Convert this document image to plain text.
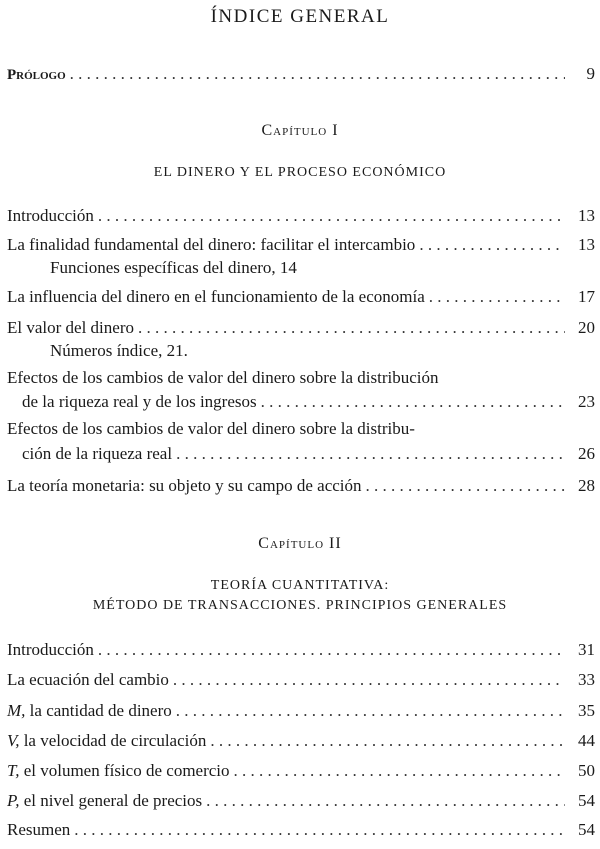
ÍNDICE GENERAL
Prólogo . . .	9
Capítulo I
EL DINERO Y EL PROCESO ECONÓMICO
Introducción . . .	13
La finalidad fundamental del dinero: facilitar el intercambio . . .	13
Funciones específicas del dinero, 14
La influencia del dinero en el funcionamiento de la economía . . .	17
El valor del dinero . . .	20
Números índice, 21.
Efectos de los cambios de valor del dinero sobre la distribución
de la riqueza real y de los ingresos . . .	23
Efectos de los cambios de valor del dinero sobre la distribu-
ción de la riqueza real . . .	26
La teoría monetaria: su objeto y su campo de acción . . .	28
Capítulo II
TEORÍA CUANTITATIVA:
MÉTODO DE TRANSACCIONES. PRINCIPIOS GENERALES
Introducción . . .	31
La ecuación del cambio . . .	33
M, la cantidad de dinero . . .	35
V, la velocidad de circulación . . .	44
T, el volumen físico de comercio . . .	50
P, el nivel general de precios . . .	54
Resumen . . .	54
